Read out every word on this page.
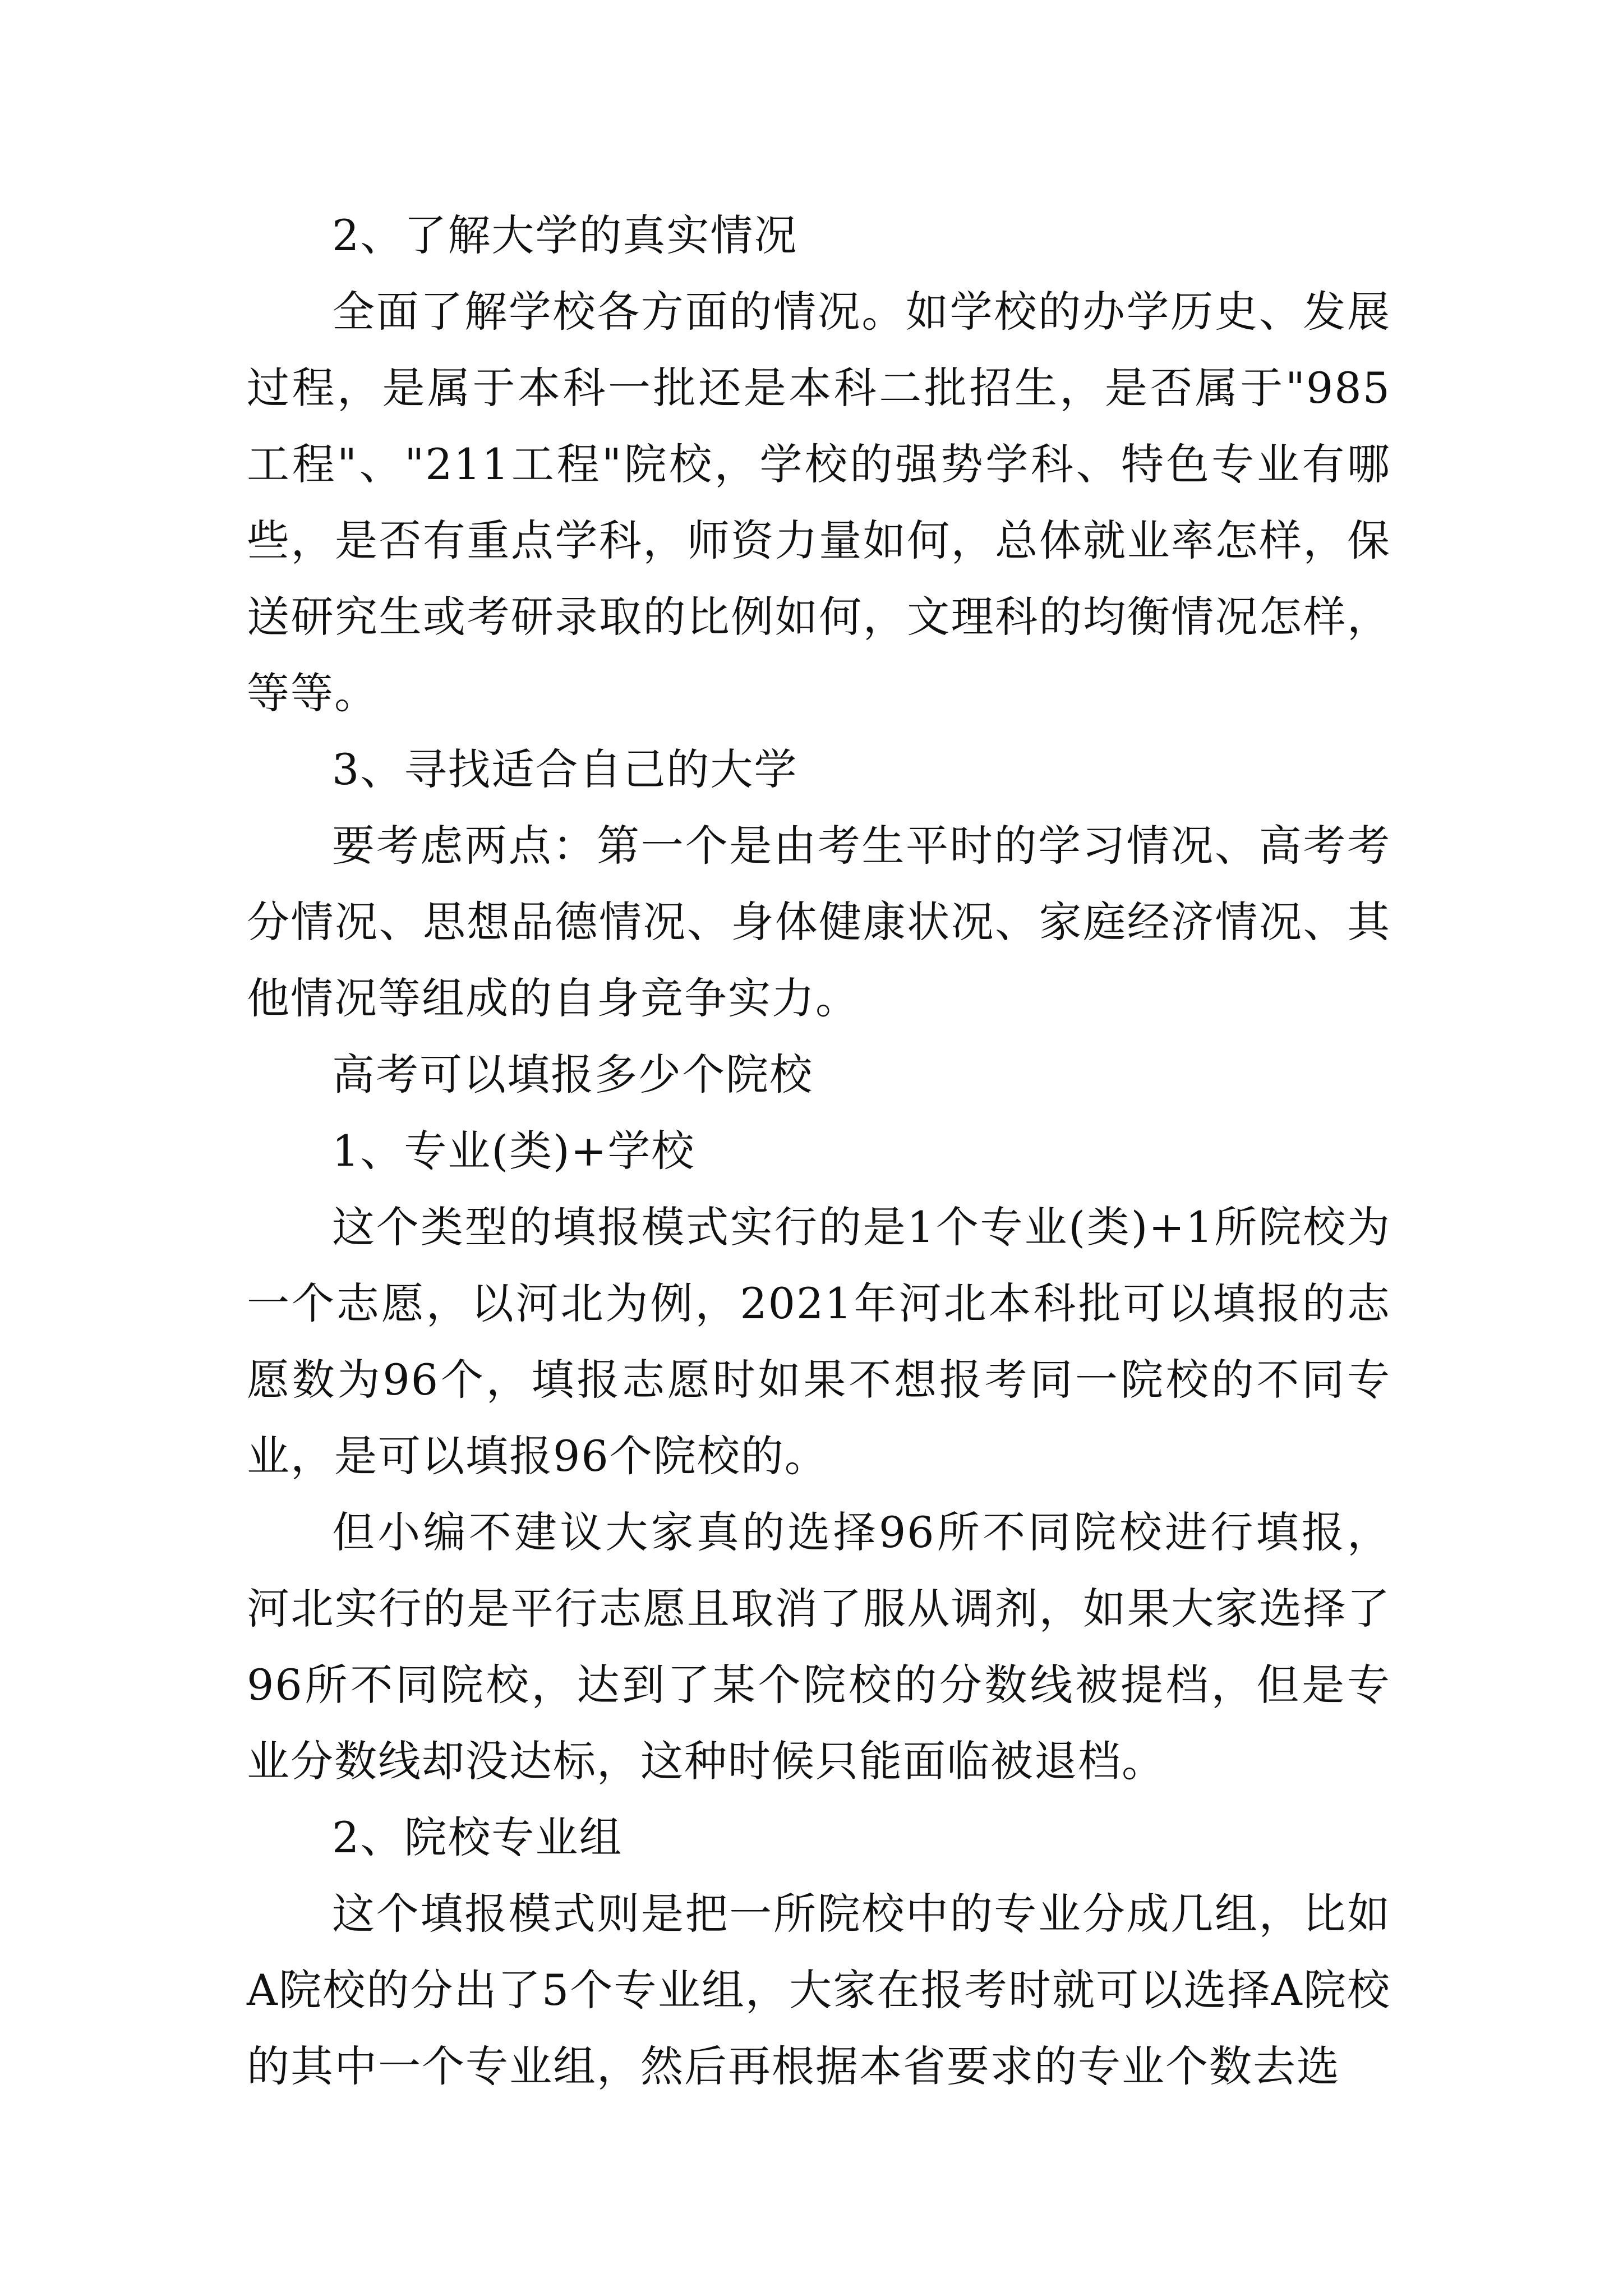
2、了解大学的真实情况

全面了解学校各方面的情况。如学校的办学历史、发展过程，是属于本科一批还是本科二批招生，是否属于"985工程"、"211工程"院校，学校的强势学科、特色专业有哪些，是否有重点学科，师资力量如何，总体就业率怎样，保送研究生或考研录取的比例如何，文理科的均衡情况怎样，等等。

3、寻找适合自己的大学

要考虑两点：第一个是由考生平时的学习情况、高考考分情况、思想品德情况、身体健康状况、家庭经济情况、其他情况等组成的自身竞争实力。

高考可以填报多少个院校

1、专业(类)+学校

这个类型的填报模式实行的是1个专业(类)+1所院校为一个志愿，以河北为例，2021年河北本科批可以填报的志愿数为96个，填报志愿时如果不想报考同一院校的不同专业，是可以填报96个院校的。

但小编不建议大家真的选择96所不同院校进行填报，河北实行的是平行志愿且取消了服从调剂，如果大家选择了96所不同院校，达到了某个院校的分数线被提档，但是专业分数线却没达标，这种时候只能面临被退档。

2、院校专业组

这个填报模式则是把一所院校中的专业分成几组，比如A院校的分出了5个专业组，大家在报考时就可以选择A院校的其中一个专业组，然后再根据本省要求的专业个数去选
